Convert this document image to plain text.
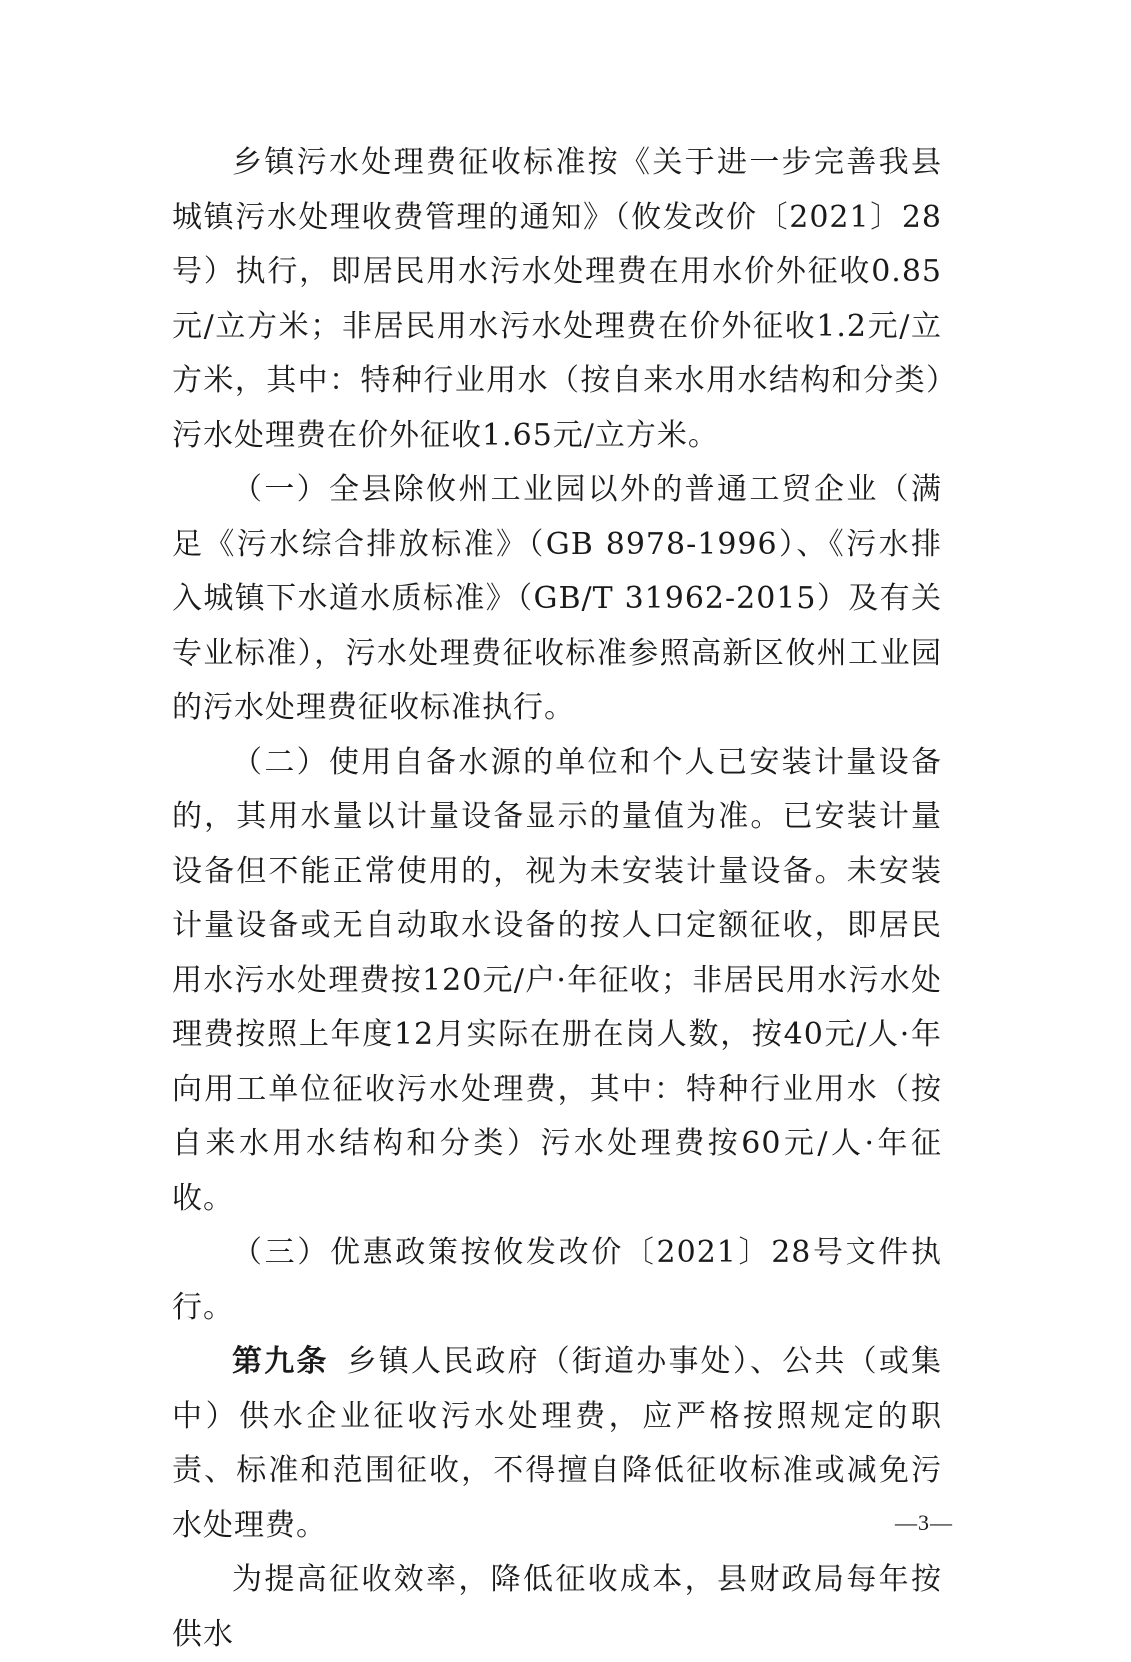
乡镇污水处理费征收标准按《关于进一步完善我县城镇污水处理收费管理的通知》（攸发改价〔2021〕28号）执行，即居民用水污水处理费在用水价外征收0.85元/立方米；非居民用水污水处理费在价外征收1.2元/立方米，其中：特种行业用水（按自来水用水结构和分类）污水处理费在价外征收1.65元/立方米。

（一）全县除攸州工业园以外的普通工贸企业（满足《污水综合排放标准》（GB 8978-1996）、《污水排入城镇下水道水质标准》（GB/T 31962-2015）及有关专业标准），污水处理费征收标准参照高新区攸州工业园的污水处理费征收标准执行。

（二）使用自备水源的单位和个人已安装计量设备的，其用水量以计量设备显示的量值为准。已安装计量设备但不能正常使用的，视为未安装计量设备。未安装计量设备或无自动取水设备的按人口定额征收，即居民用水污水处理费按120元/户·年征收；非居民用水污水处理费按照上年度12月实际在册在岗人数，按40元/人·年向用工单位征收污水处理费，其中：特种行业用水（按自来水用水结构和分类）污水处理费按60元/人·年征收。

（三）优惠政策按攸发改价〔2021〕28号文件执行。

第九条 乡镇人民政府（街道办事处）、公共（或集中）供水企业征收污水处理费，应严格按照规定的职责、标准和范围征收，不得擅自降低征收标准或减免污水处理费。

为提高征收效率，降低征收成本，县财政局每年按供水

—3—
